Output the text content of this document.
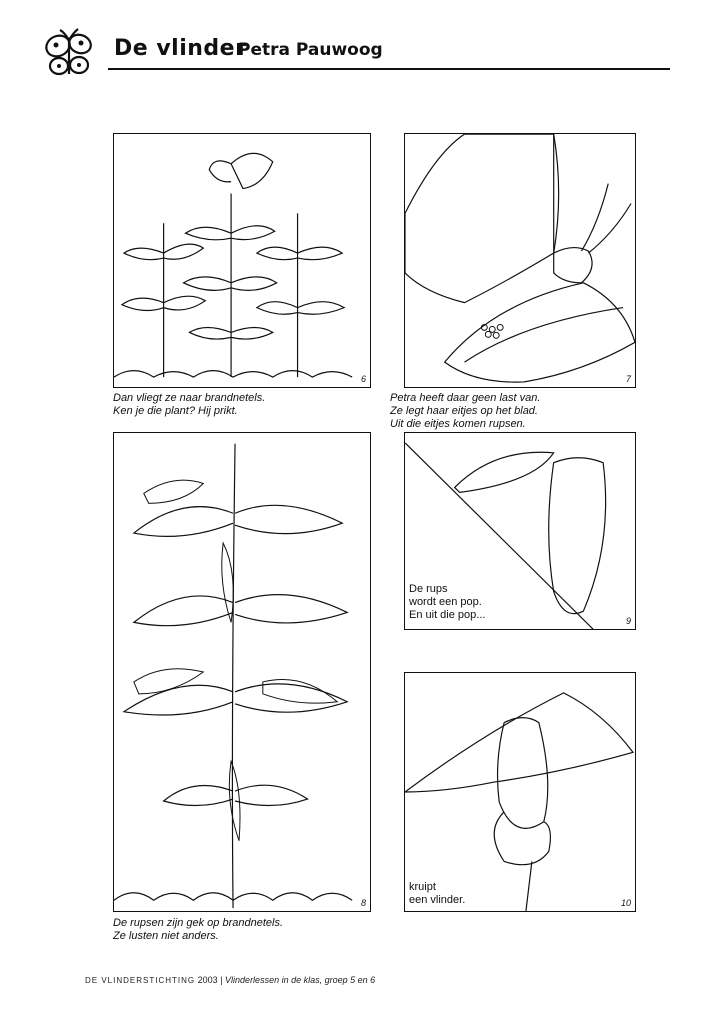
De vlinder
Petra Pauwoog
6
Dan vliegt ze naar brandnetels.
Ken je die plant? Hij prikt.
7
Petra heeft daar geen last van.
Ze legt haar eitjes op het blad.
Uit die eitjes komen rupsen.
8
De rupsen zijn gek op brandnetels.
Ze lusten niet anders.
De rups
wordt een pop.
En uit die pop...	9
kruipt
een vlinder.	10
DE VLINDERSTICHTING 2003 | Vlinderlessen in de klas, groep 5 en 6
